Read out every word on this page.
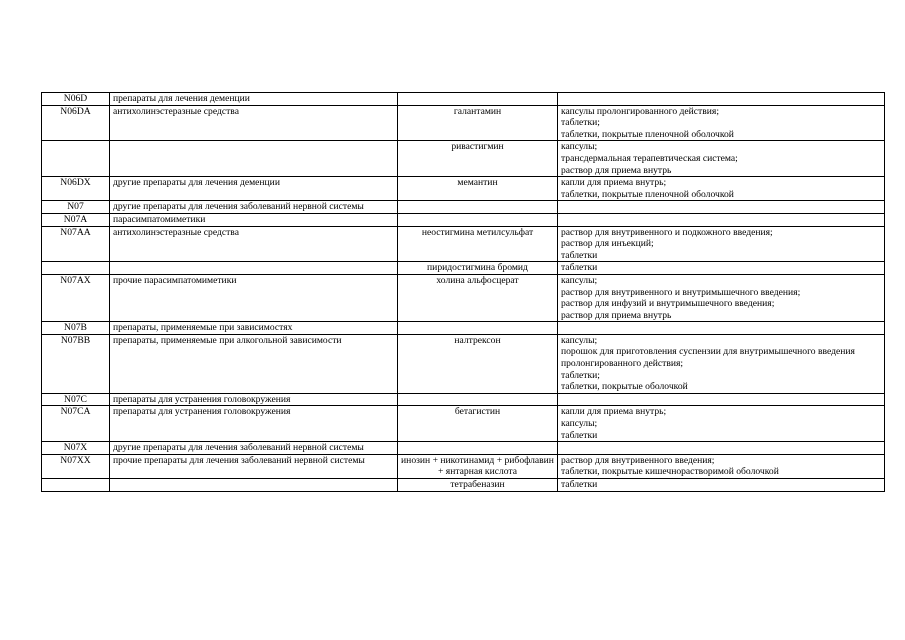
N06D	препараты для лечения деменции		
N06DA	антихолинэстеразные средства	галантамин	капсулы пролонгированного действия;
таблетки;
таблетки, покрытые пленочной оболочкой

		ривастигмин	капсулы;
трансдермальная терапевтическая система;
раствор для приема внутрь

N06DX	другие препараты для лечения деменции	мемантин	капли для приема внутрь;
таблетки, покрытые пленочной оболочкой

N07	другие препараты для лечения заболеваний нервной системы		
N07A	парасимпатомиметики		
N07AA	антихолинэстеразные средства	неостигмина метилсульфат	раствор для внутривенного и подкожного введения;
раствор для инъекций;
таблетки

		пиридостигмина бромид	таблетки

N07AX	прочие парасимпатомиметики	холина альфосцерат	капсулы;
раствор для внутривенного и внутримышечного введения;
раствор для инфузий и внутримышечного введения;
раствор для приема внутрь

N07B	препараты, применяемые при зависимостях		
N07BB	препараты, применяемые при алкогольной зависимости	налтрексон	капсулы;
порошок для приготовления суспензии для внутримышечного введения пролонгированного действия;
таблетки;
таблетки, покрытые оболочкой

N07C	препараты для устранения головокружения		
N07CA	препараты для устранения головокружения	бетагистин	капли для приема внутрь;
капсулы;
таблетки

N07X	другие препараты для лечения заболеваний нервной системы		
N07XX	прочие препараты для лечения заболеваний нервной системы	инозин + никотинамид + рибофлавин + янтарная кислота	раствор для внутривенного введения;
таблетки, покрытые кишечнорастворимой оболочкой

		тетрабеназин	таблетки
